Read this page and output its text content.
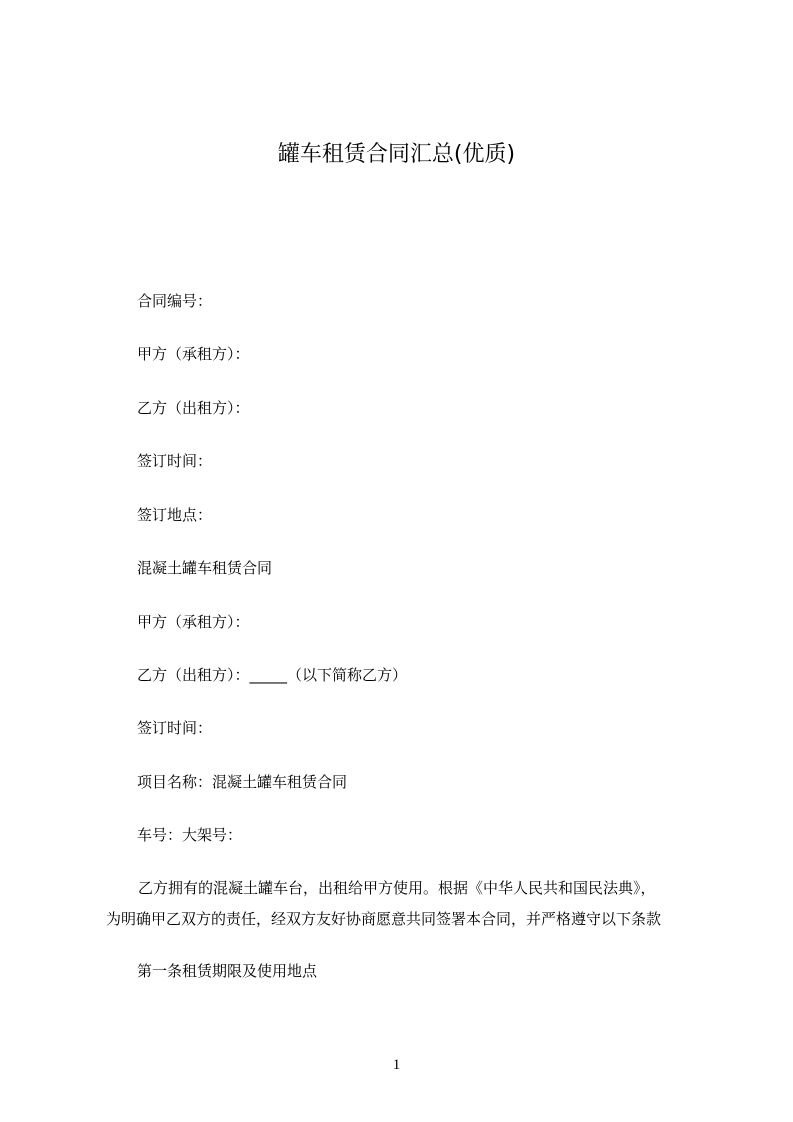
罐车租赁合同汇总(优质)
合同编号：
甲方（承租方）：
乙方（出租方）：
签订时间：
签订地点：
混凝土罐车租赁合同
甲方（承租方）：
乙方（出租方）：_____（以下简称乙方）
签订时间：
项目名称：混凝土罐车租赁合同
车号：大架号：
乙方拥有的混凝土罐车台，出租给甲方使用。根据《中华人民共和国民法典》，
为明确甲乙双方的责任，经双方友好协商愿意共同签署本合同，并严格遵守以下条款
第一条租赁期限及使用地点
1
